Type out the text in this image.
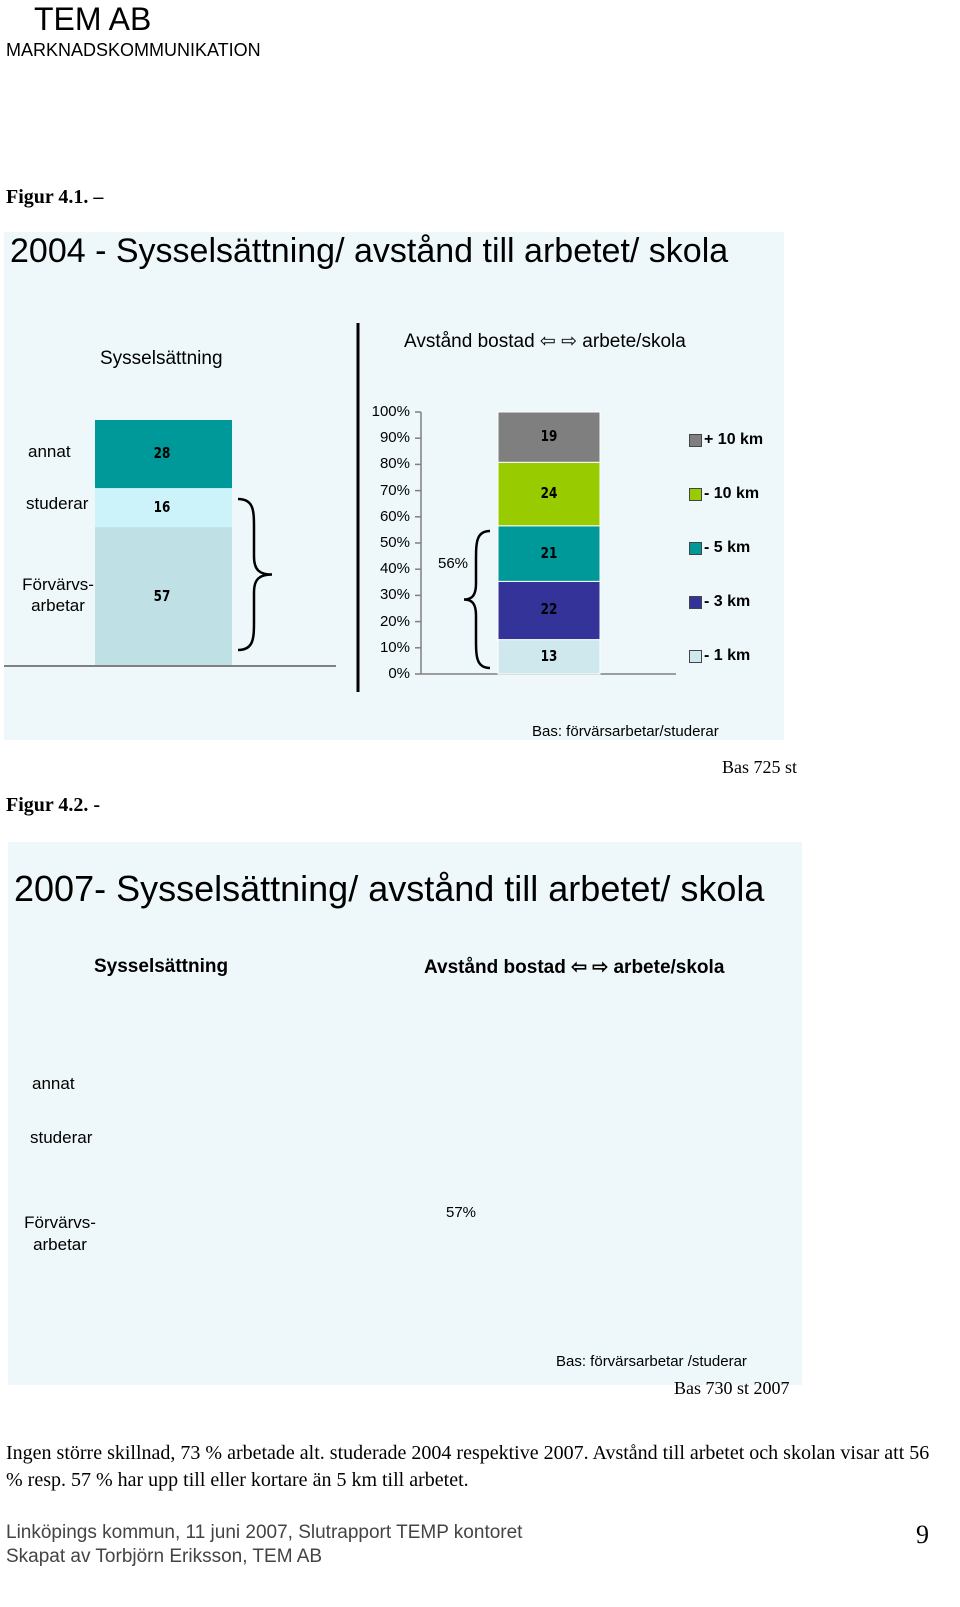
TEM AB
MARKNADSKOMMUNIKATION
Figur 4.1. –
2004 - Sysselsättning/ avstånd till arbetet/ skola
Sysselsättning
Avstånd bostad ⇦ ⇨ arbete/skola
annat
studerar
Förvärvs-
arbetar
28
16
57
100%
90%
80%
70%
60%
50%
40%
30%
20%
10%
0%
13
22
21
24
19	+ 10 km
- 10 km
- 5 km
- 3 km
- 1 km
56%
Bas: förvärsarbetar/studerar
Bas 725 st
Figur 4.2. -
2007- Sysselsättning/ avstånd till arbetet/ skola
Sysselsättning	Avstånd bostad ⇦ ⇨ arbete/skola
annat
studerar
Förvärvs-
arbetar
57%
Bas: förvärsarbetar /studerar
Bas 730 st 2007
Ingen större skillnad, 73 % arbetade alt. studerade 2004 respektive 2007. Avstånd till arbetet och skolan visar att 56 % resp. 57 % har upp till eller kortare än 5 km till arbetet.
Linköpings kommun, 11 juni 2007, Slutrapport TEMP kontoret
Skapat av Torbjörn Eriksson, TEM AB
9
